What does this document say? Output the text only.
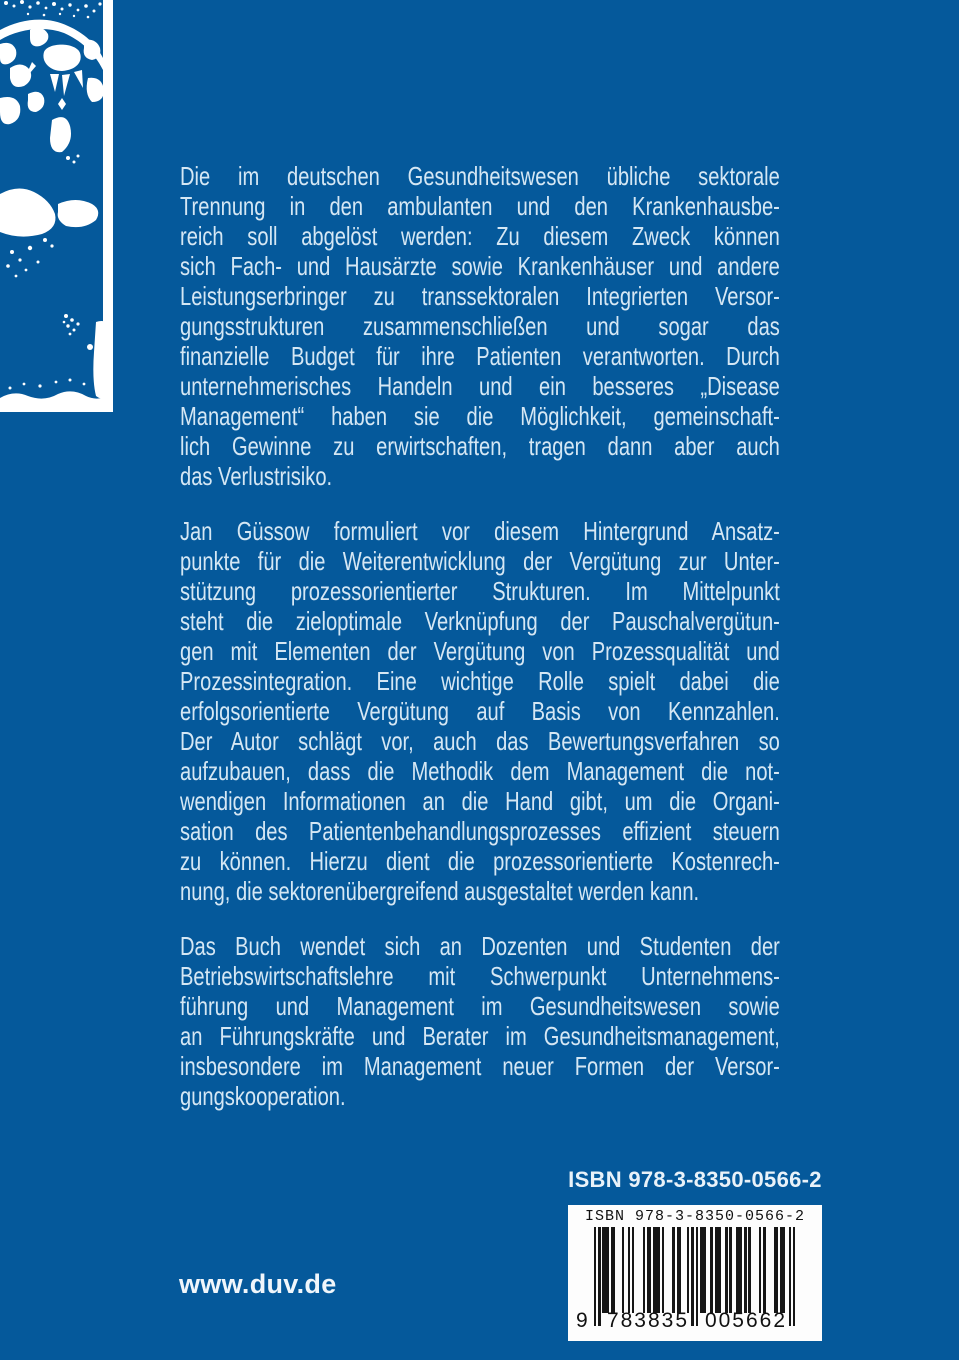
Die im deutschen Gesundheitswesen übliche sektorale
Trennung in den ambulanten und den Krankenhausbe-
reich soll abgelöst werden: Zu diesem Zweck können
sich Fach- und Hausärzte sowie Krankenhäuser und andere
Leistungserbringer zu transsektoralen Integrierten Versor-
gungsstrukturen zusammenschließen und sogar das
finanzielle Budget für ihre Patienten verantworten. Durch
unternehmerisches Handeln und ein besseres „Disease
Management“ haben sie die Möglichkeit, gemeinschaft-
lich Gewinne zu erwirtschaften, tragen dann aber auch
das Verlustrisiko.
Jan Güssow formuliert vor diesem Hintergrund Ansatz-
punkte für die Weiterentwicklung der Vergütung zur Unter-
stützung prozessorientierter Strukturen. Im Mittelpunkt
steht die zieloptimale Verknüpfung der Pauschalvergütun-
gen mit Elementen der Vergütung von Prozessqualität und
Prozessintegration. Eine wichtige Rolle spielt dabei die
erfolgsorientierte Vergütung auf Basis von Kennzahlen.
Der Autor schlägt vor, auch das Bewertungsverfahren so
aufzubauen, dass die Methodik dem Management die not-
wendigen Informationen an die Hand gibt, um die Organi-
sation des Patientenbehandlungsprozesses effizient steuern
zu können. Hierzu dient die prozessorientierte Kostenrech-
nung, die sektorenübergreifend ausgestaltet werden kann.
Das Buch wendet sich an Dozenten und Studenten der
Betriebswirtschaftslehre mit Schwerpunkt Unternehmens-
führung und Management im Gesundheitswesen sowie
an Führungskräfte und Berater im Gesundheitsmanagement,
insbesondere im Management neuer Formen der Versor-
gungskooperation.
ISBN 978-3-8350-0566-2
ISBN 978-3-8350-0566-2
9 783835 005662
www.duv.de
